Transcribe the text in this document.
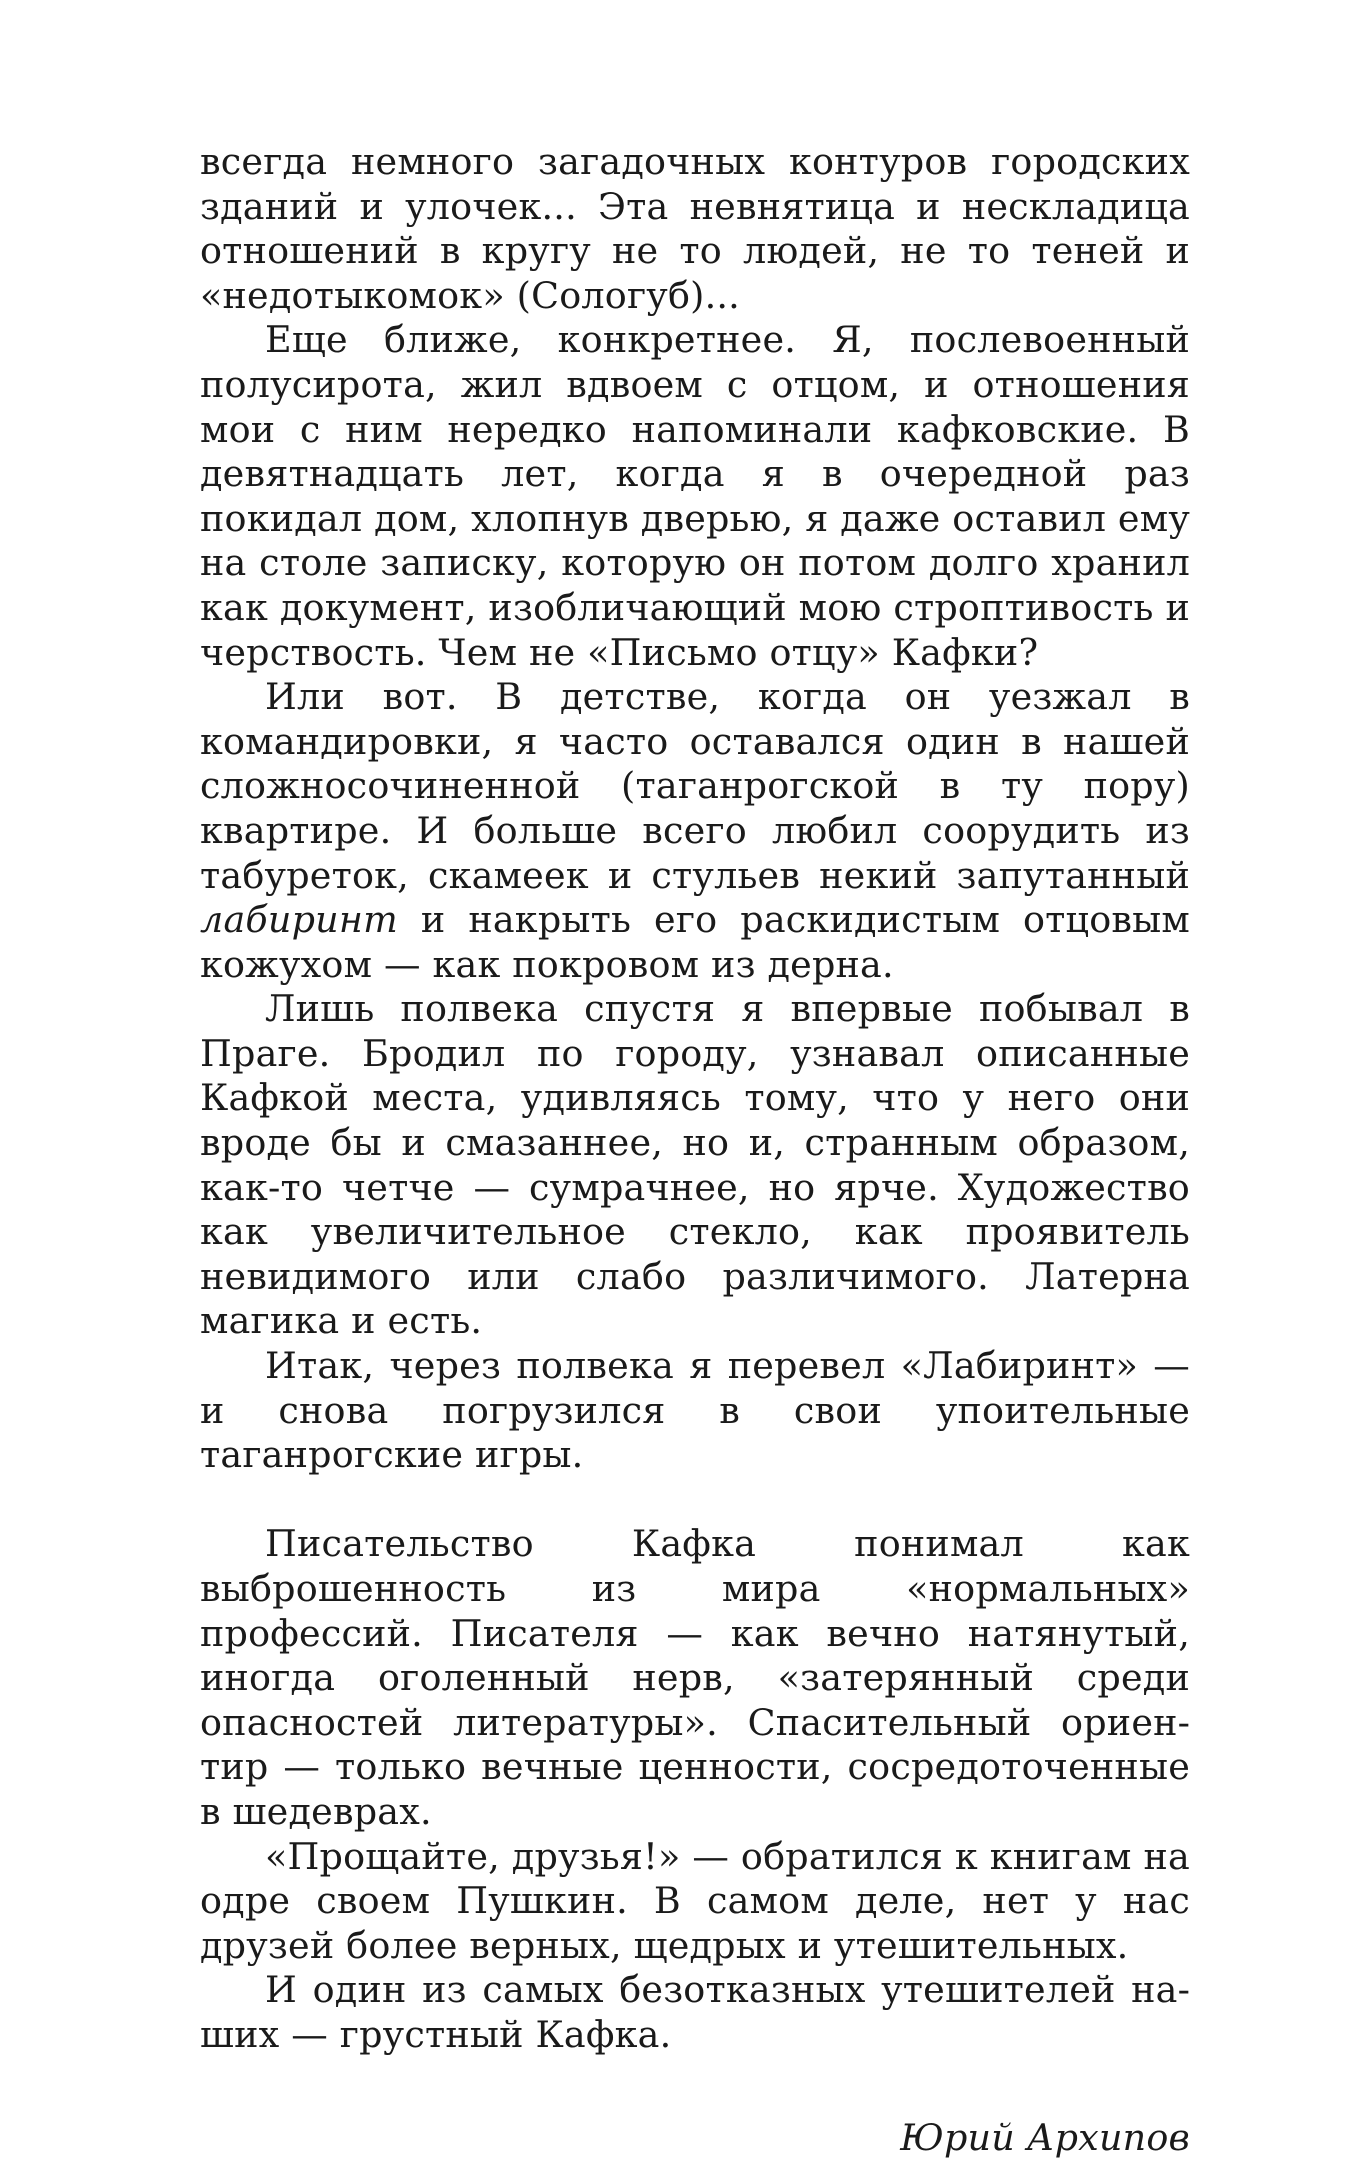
всегда немного загадочных контуров городских зданий и улочек... Эта невнятица и нескладица отношений в кругу не то людей, не то теней и «недотыкомок» (Сологуб)...

Еще ближе, конкретнее. Я, послевоенный полусирота, жил вдвоем с отцом, и отношения мои с ним нередко напоминали кафковские. В девятнадцать лет, когда я в очередной раз покидал дом, хлопнув дверью, я даже оставил ему на столе записку, которую он потом долго хранил как документ, изобличающий мою строптивость и черствость. Чем не «Письмо отцу» Кафки?

Или вот. В детстве, когда он уезжал в командировки, я часто оставался один в нашей сложносочиненной (таганрогской в ту пору) квартире. И больше всего любил соорудить из табуреток, скамеек и стульев некий запутанный лабиринт и накрыть его раскидистым отцовым кожухом — как покровом из дерна.

Лишь полвека спустя я впервые побывал в Праге. Бродил по городу, узнавал описанные Кафкой места, удивляясь тому, что у него они вроде бы и смазаннее, но и, странным образом, как-то четче — сумрачнее, но ярче. Художество как увеличительное стекло, как проявитель невидимого или слабо различимого. Латерна магика и есть.

Итак, через полвека я перевел «Лабиринт» — и снова погрузился в свои упоительные таганрогские игры.

Писательство Кафка понимал как выброшенность из мира «нормальных» профессий. Писателя — как вечно натянутый, иногда оголенный нерв, «затерянный среди опасностей литературы». Спасительный ориентир — только вечные ценности, сосредоточенные в шедеврах.

«Прощайте, друзья!» — обратился к книгам на одре своем Пушкин. В самом деле, нет у нас друзей более верных, щедрых и утешительных.

И один из самых безотказных утешителей наших — грустный Кафка.

Юрий Архипов
